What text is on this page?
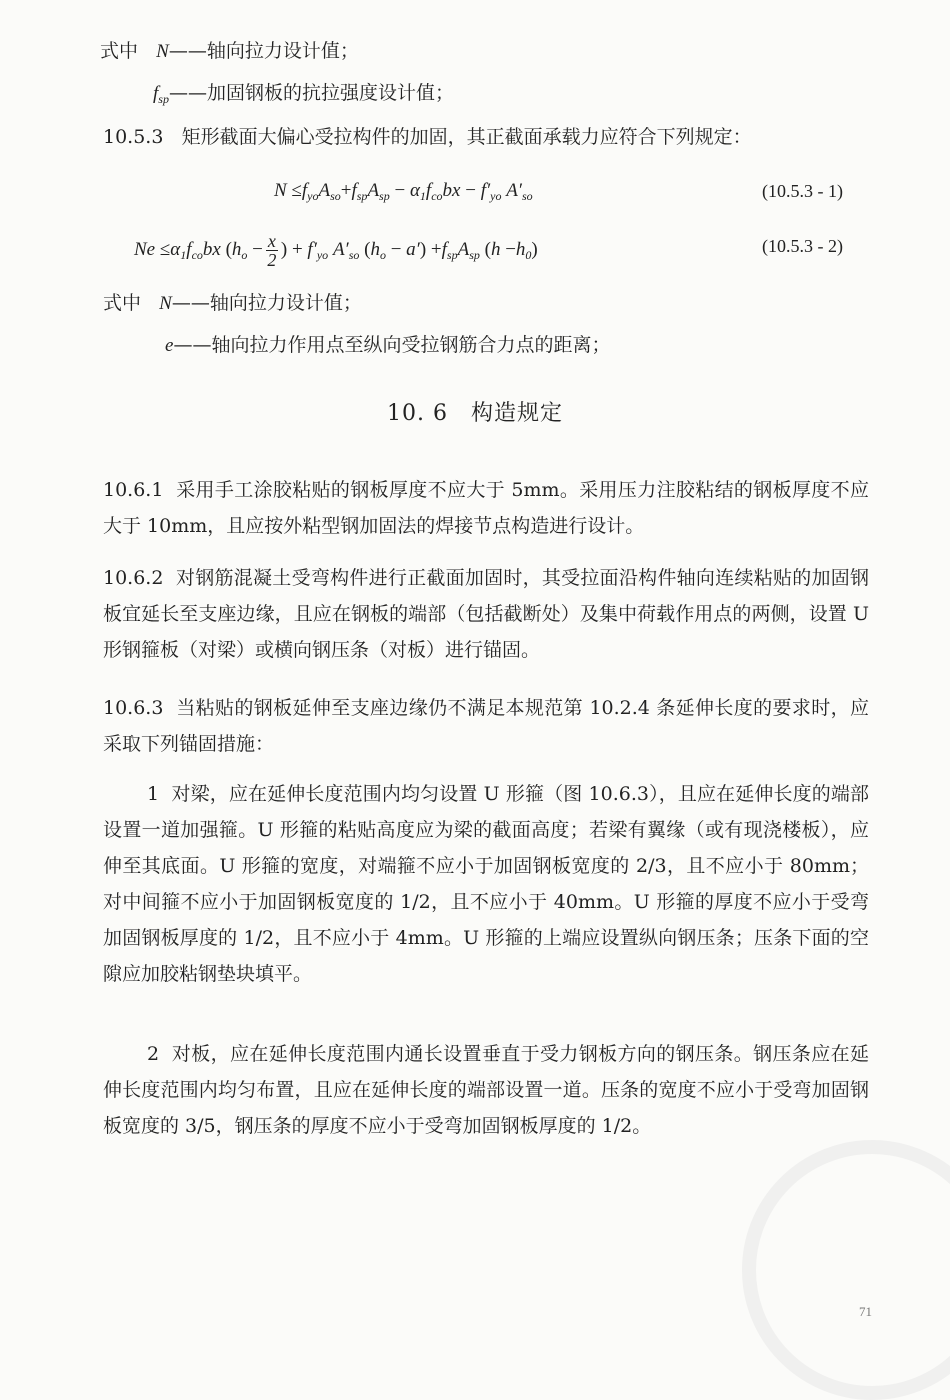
式中 N——轴向拉力设计值；
$f_{sp}——$加固钢板的抗拉强度设计值；
10.5.3 矩形截面大偏心受拉构件的加固，其正截面承载力应符合下列规定：
$N \le f_{yo}A_{so}+f_{sp}A_{sp} - \alpha_1f_{co}bx - f'_{yo}$ $A'_{so}$	(10.5.3 - 1)
$Ne \le\alpha_1f_{co}bx$ ($h_o - \frac{x}{2}$ ) + $f'_{yo}$ $A'_{so}$ $(h_o - a') +f_{sp}A_{sp}$ $(h -h_0)$	(10.5.3 - 2)
式中 N——轴向拉力设计值；
e——轴向拉力作用点至纵向受拉钢筋合力点的距离；
10. 6　构造规定
10.6.1 采用手工涂胶粘贴的钢板厚度不应大于 5mm。采用压力注胶粘结的钢板厚度不应大于 10mm，且应按外粘型钢加固法的焊接节点构造进行设计。
10.6.2 对钢筋混凝土受弯构件进行正截面加固时，其受拉面沿构件轴向连续粘贴的加固钢板宜延长至支座边缘，且应在钢板的端部（包括截断处）及集中荷载作用点的两侧，设置 U 形钢箍板（对梁）或横向钢压条（对板）进行锚固。
10.6.3 当粘贴的钢板延伸至支座边缘仍不满足本规范第 10.2.4 条延伸长度的要求时，应采取下列锚固措施：
1 对梁，应在延伸长度范围内均匀设置 U 形箍（图 10.6.3），且应在延伸长度的端部设置一道加强箍。U 形箍的粘贴高度应为梁的截面高度；若梁有翼缘（或有现浇楼板），应伸至其底面。U 形箍的宽度，对端箍不应小于加固钢板宽度的 2/3，且不应小于 80mm；对中间箍不应小于加固钢板宽度的 1/2，且不应小于 40mm。U 形箍的厚度不应小于受弯加固钢板厚度的 1/2，且不应小于 4mm。U 形箍的上端应设置纵向钢压条；压条下面的空隙应加胶粘钢垫块填平。
2 对板，应在延伸长度范围内通长设置垂直于受力钢板方向的钢压条。钢压条应在延伸长度范围内均匀布置，且应在延伸长度的端部设置一道。压条的宽度不应小于受弯加固钢板宽度的 3/5，钢压条的厚度不应小于受弯加固钢板厚度的 1/2。
71
